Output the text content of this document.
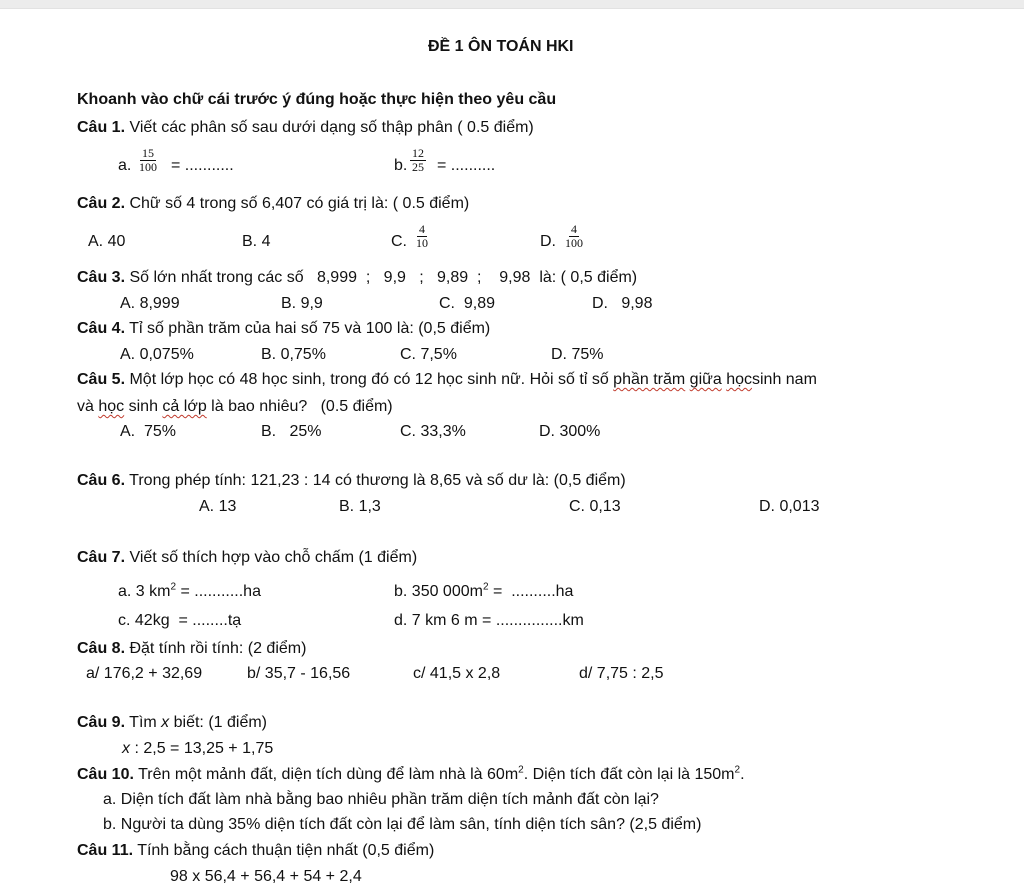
ĐỀ 1 ÔN TOÁN HKI
Khoanh vào chữ cái trước ý đúng hoặc thực hiện theo yêu cầu
Câu 1. Viết các phân số sau dưới dạng số thập phân ( 0.5 điểm)
a. $\frac{15}{100}$ = ...........	b. $\frac{12}{25}$ = ..........
Câu 2. Chữ số 4 trong số 6,407 có giá trị là: ( 0.5 điểm)
A. 40	B. 4	C. $\frac{4}{10}$	D. $\frac{4}{100}$
Câu 3. Số lớn nhất trong các số   8,999  ;   9,9   ;   9,89  ;    9,98  là: ( 0,5 điểm)
A. 8,999	B. 9,9	C.  9,89	D.   9,98
Câu 4. Tỉ số phần trăm của hai số 75 và 100 là: (0,5 điểm)
A. 0,075%	B. 0,75%	C. 7,5%	D. 75%
Câu 5. Một lớp học có 48 học sinh, trong đó có 12 học sinh nữ. Hỏi số tỉ số phần trăm giữa họcsinh nam
và học sinh cả lớp là bao nhiêu?   (0.5 điểm)
A.  75%	B.   25%	C. 33,3%	D. 300%
Câu 6. Trong phép tính: 121,23 : 14 có thương là 8,65 và số dư là: (0,5 điểm)
A. 13	B. 1,3	C. 0,13	D. 0,013
Câu 7. Viết số thích hợp vào chỗ chấm (1 điểm)
a. 3 $km^2 = ...........ha$	b. 350 $000m^2 = ..........ha$
c. 42kg  = ........tạ	d. 7 km 6 m = ...............km
Câu 8. Đặt tính rồi tính: (2 điểm)
a/ 176,2 + 32,69	b/ 35,7 - 16,56	c/ 41,5 x 2,8	d/ 7,75 : 2,5
Câu 9. Tìm x biết: (1 điểm)
x : 2,5 = 13,25 + 1,75
Câu 10. Trên một mảnh đất, diện tích dùng để làm nhà là $60m^2$. Diện tích đất còn lại là $150m^2$.
a. Diện tích đất làm nhà bằng bao nhiêu phần trăm diện tích mảnh đất còn lại?
b. Người ta dùng 35% diện tích đất còn lại để làm sân, tính diện tích sân? (2,5 điểm)
Câu 11. Tính bằng cách thuận tiện nhất (0,5 điểm)
98 x 56,4 + 56,4 + 54 + 2,4
